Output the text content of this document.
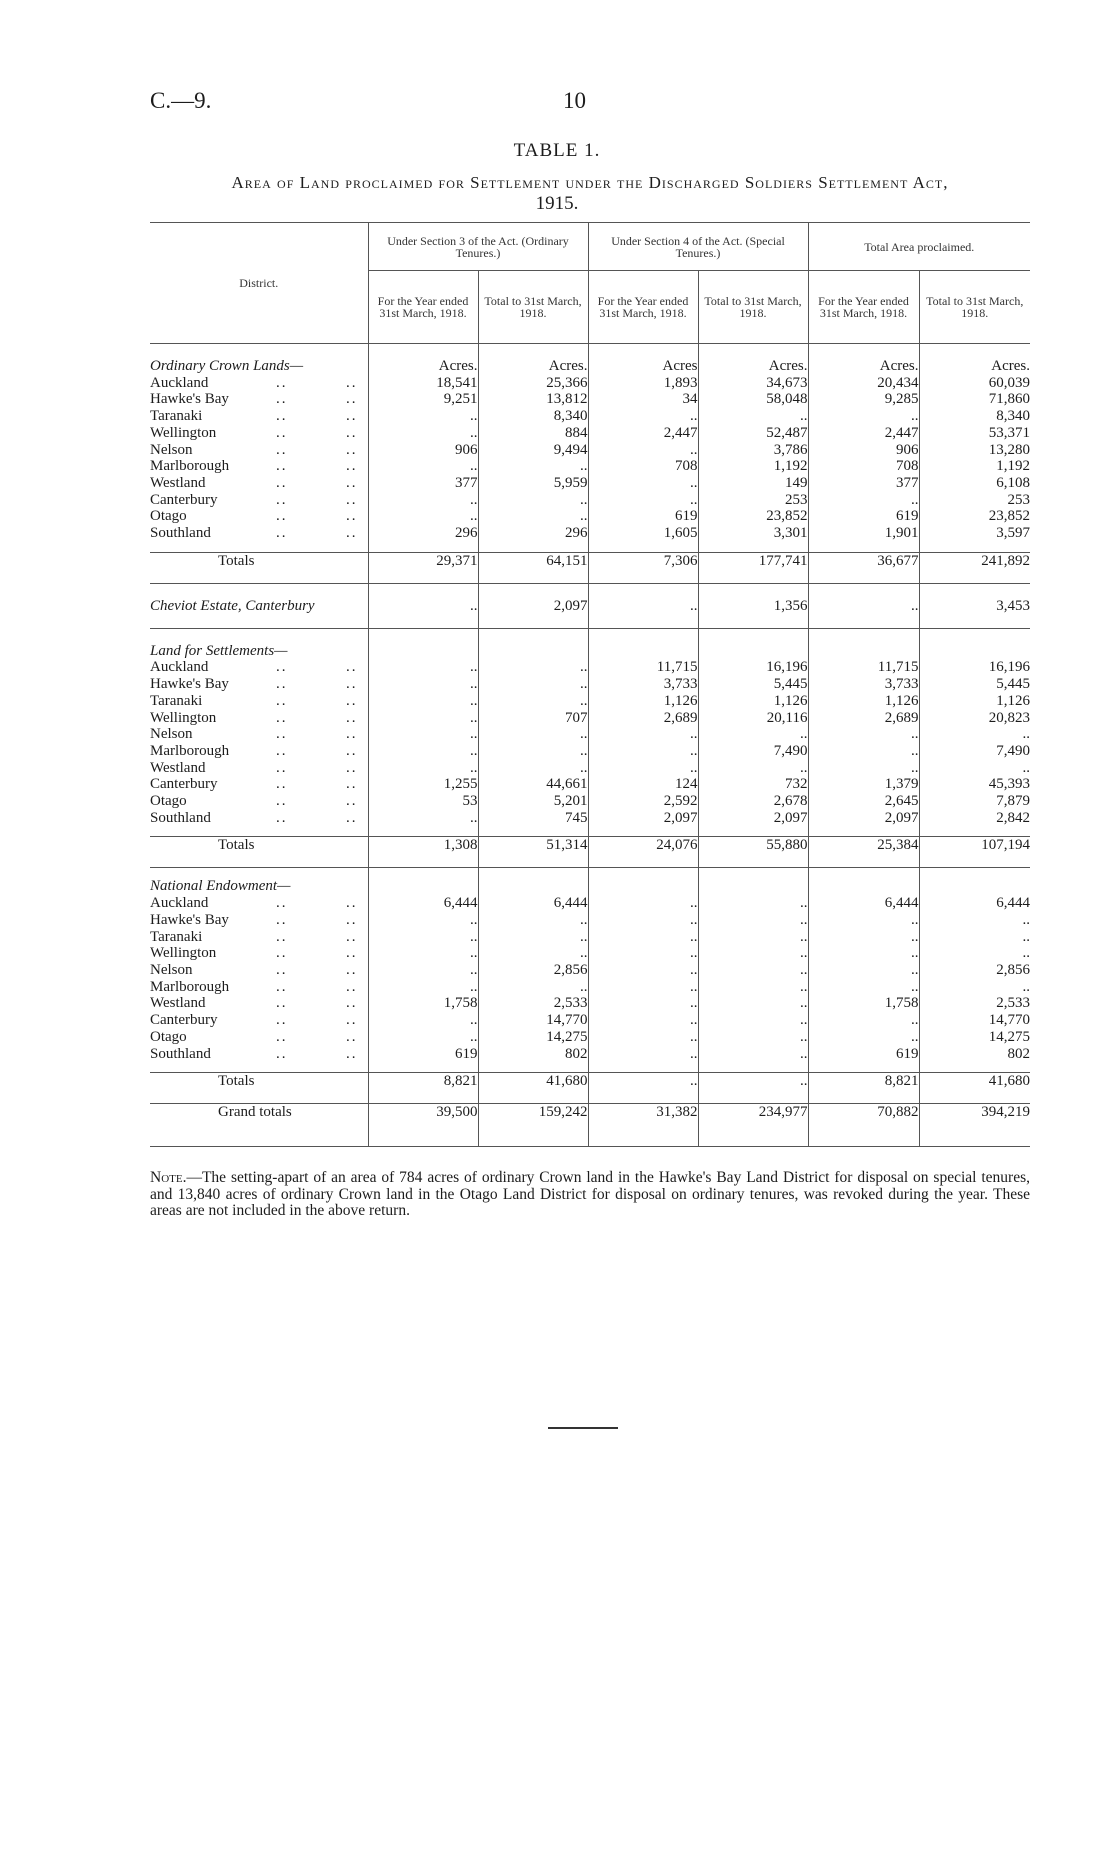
C.—9.	10
TABLE 1.
Area of Land proclaimed for Settlement under the Discharged Soldiers Settlement Act,
1915.
District.	Under Section 3 of the Act. (Ordinary Tenures.)		Under Section 4 of the Act. (Special Tenures.)		Total Area proclaimed.	
	For the Year ended 31st March, 1918.	Total to 31st March, 1918.	For the Year ended 31st March, 1918.	Total to 31st March, 1918.	For the Year ended 31st March, 1918.	Total to 31st March, 1918.

Ordinary Crown Lands—	Acres.	Acres.	Acres	Acres.	Acres.	Acres.
Auckland .. ..	18,541	25,366	1,893	34,673	20,434	60,039
Hawke's Bay .. ..	9,251	13,812	34	58,048	9,285	71,860
Taranaki .. ..	..	8,340	..	..	..	8,340
Wellington .. ..	..	884	2,447	52,487	2,447	53,371
Nelson .. ..	906	9,494	..	3,786	906	13,280
Marlborough .. ..	..	..	708	1,192	708	1,192
Westland .. ..	377	5,959	..	149	377	6,108
Canterbury .. ..	..	..	..	253	..	253
Otago .. ..	..	..	619	23,852	619	23,852
Southland .. ..	296	296	1,605	3,301	1,901	3,597

Totals	29,371	64,151	7,306	177,741	36,677	241,892

Cheviot Estate, Canterbury	..	2,097	..	1,356	..	3,453

Land for Settlements—						
Auckland .. ..	..	..	11,715	16,196	11,715	16,196
Hawke's Bay .. ..	..	..	3,733	5,445	3,733	5,445
Taranaki .. ..	..	..	1,126	1,126	1,126	1,126
Wellington .. ..	..	707	2,689	20,116	2,689	20,823
Nelson .. ..	..	..	..	..	..	..
Marlborough .. ..	..	..	..	7,490	..	7,490
Westland .. ..	..	..	..	..	..	..
Canterbury .. ..	1,255	44,661	124	732	1,379	45,393
Otago .. ..	53	5,201	2,592	2,678	2,645	7,879
Southland .. ..	..	745	2,097	2,097	2,097	2,842

Totals	1,308	51,314	24,076	55,880	25,384	107,194

National Endowment—						
Auckland .. ..	6,444	6,444	..	..	6,444	6,444
Hawke's Bay .. ..	..	..	..	..	..	..
Taranaki .. ..	..	..	..	..	..	..
Wellington .. ..	..	..	..	..	..	..
Nelson .. ..	..	2,856	..	..	..	2,856
Marlborough .. ..	..	..	..	..	..	..
Westland .. ..	1,758	2,533	..	..	1,758	2,533
Canterbury .. ..	..	14,770	..	..	..	14,770
Otago .. ..	..	14,275	..	..	..	14,275
Southland .. ..	619	802	..	..	619	802

Totals	8,821	41,680	..	..	8,821	41,680
Grand totals	39,500	159,242	31,382	234,977	70,882	394,219
Note.—The setting-apart of an area of 784 acres of ordinary Crown land in the Hawke's Bay Land District for disposal on special tenures, and 13,840 acres of ordinary Crown land in the Otago Land District for disposal on ordinary tenures, was revoked during the year. These areas are not included in the above return.
